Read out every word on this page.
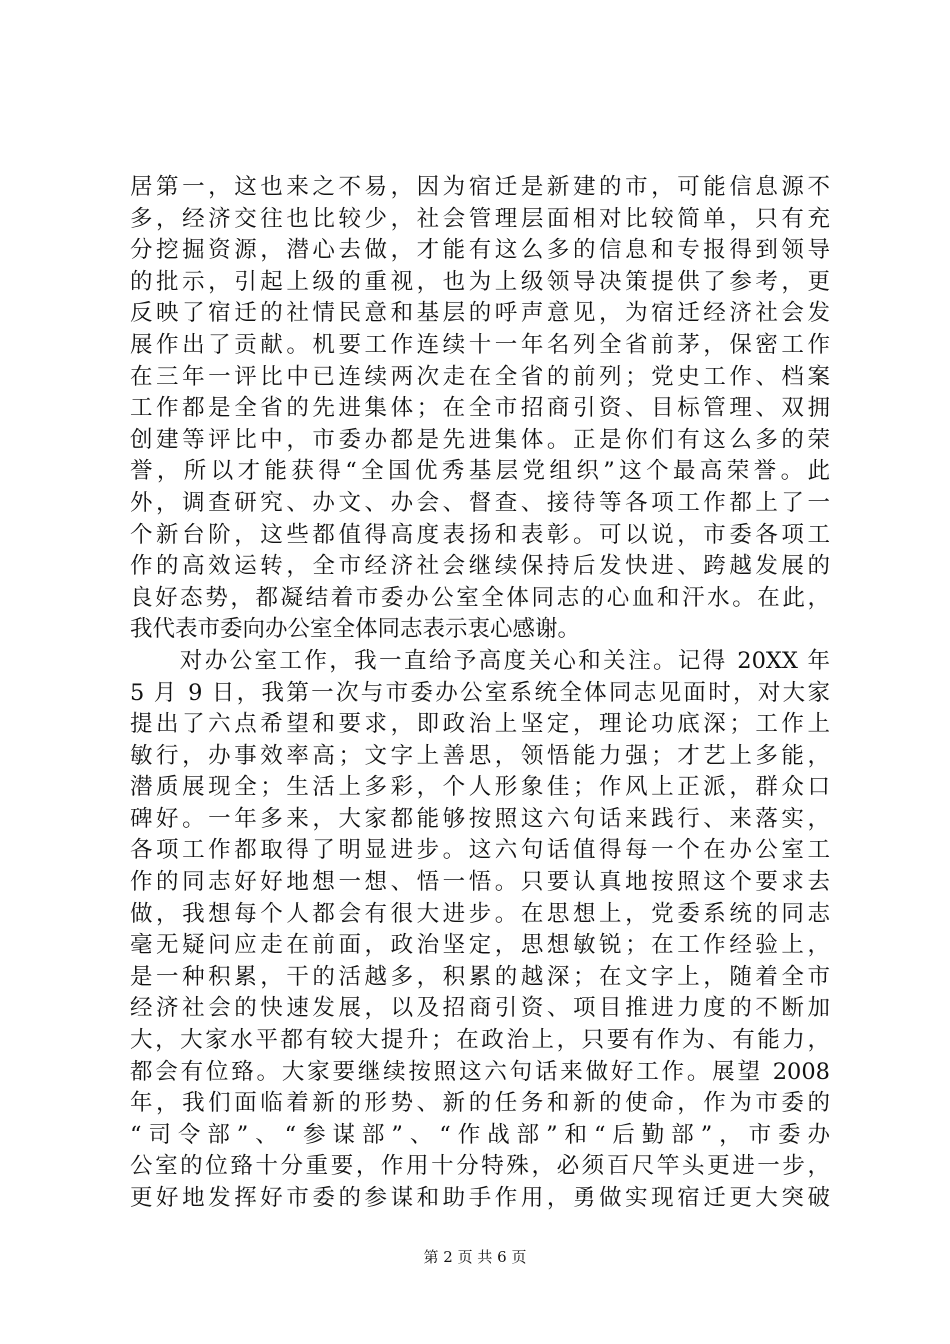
居第一，这也来之不易，因为宿迁是新建的市，可能信息源不
多，经济交往也比较少，社会管理层面相对比较简单，只有充
分挖掘资源，潜心去做，才能有这么多的信息和专报得到领导
的批示，引起上级的重视，也为上级领导决策提供了参考，更
反映了宿迁的社情民意和基层的呼声意见，为宿迁经济社会发
展作出了贡献。机要工作连续十一年名列全省前茅，保密工作
在三年一评比中已连续两次走在全省的前列；党史工作、档案
工作都是全省的先进集体；在全市招商引资、目标管理、双拥
创建等评比中，市委办都是先进集体。正是你们有这么多的荣
誉，所以才能获得“全国优秀基层党组织”这个最高荣誉。此
外，调查研究、办文、办会、督查、接待等各项工作都上了一
个新台阶，这些都值得高度表扬和表彰。可以说，市委各项工
作的高效运转，全市经济社会继续保持后发快进、跨越发展的
良好态势，都凝结着市委办公室全体同志的心血和汗水。在此，
我代表市委向办公室全体同志表示衷心感谢。
　　对办公室工作，我一直给予高度关心和关注。记得 20XX 年
5 月 9 日，我第一次与市委办公室系统全体同志见面时，对大家
提出了六点希望和要求，即政治上坚定，理论功底深；工作上
敏行，办事效率高；文字上善思，领悟能力强；才艺上多能，
潜质展现全；生活上多彩，个人形象佳；作风上正派，群众口
碑好。一年多来，大家都能够按照这六句话来践行、来落实，
各项工作都取得了明显进步。这六句话值得每一个在办公室工
作的同志好好地想一想、悟一悟。只要认真地按照这个要求去
做，我想每个人都会有很大进步。在思想上，党委系统的同志
毫无疑问应走在前面，政治坚定，思想敏锐；在工作经验上，
是一种积累，干的活越多，积累的越深；在文字上，随着全市
经济社会的快速发展，以及招商引资、项目推进力度的不断加
大，大家水平都有较大提升；在政治上，只要有作为、有能力，
都会有位臵。大家要继续按照这六句话来做好工作。展望 2008
年，我们面临着新的形势、新的任务和新的使命，作为市委的
“司令部”、“参谋部”、“作战部”和“后勤部”，市委办
公室的位臵十分重要，作用十分特殊，必须百尺竿头更进一步，
更好地发挥好市委的参谋和助手作用，勇做实现宿迁更大突破
第 2 页 共 6 页
